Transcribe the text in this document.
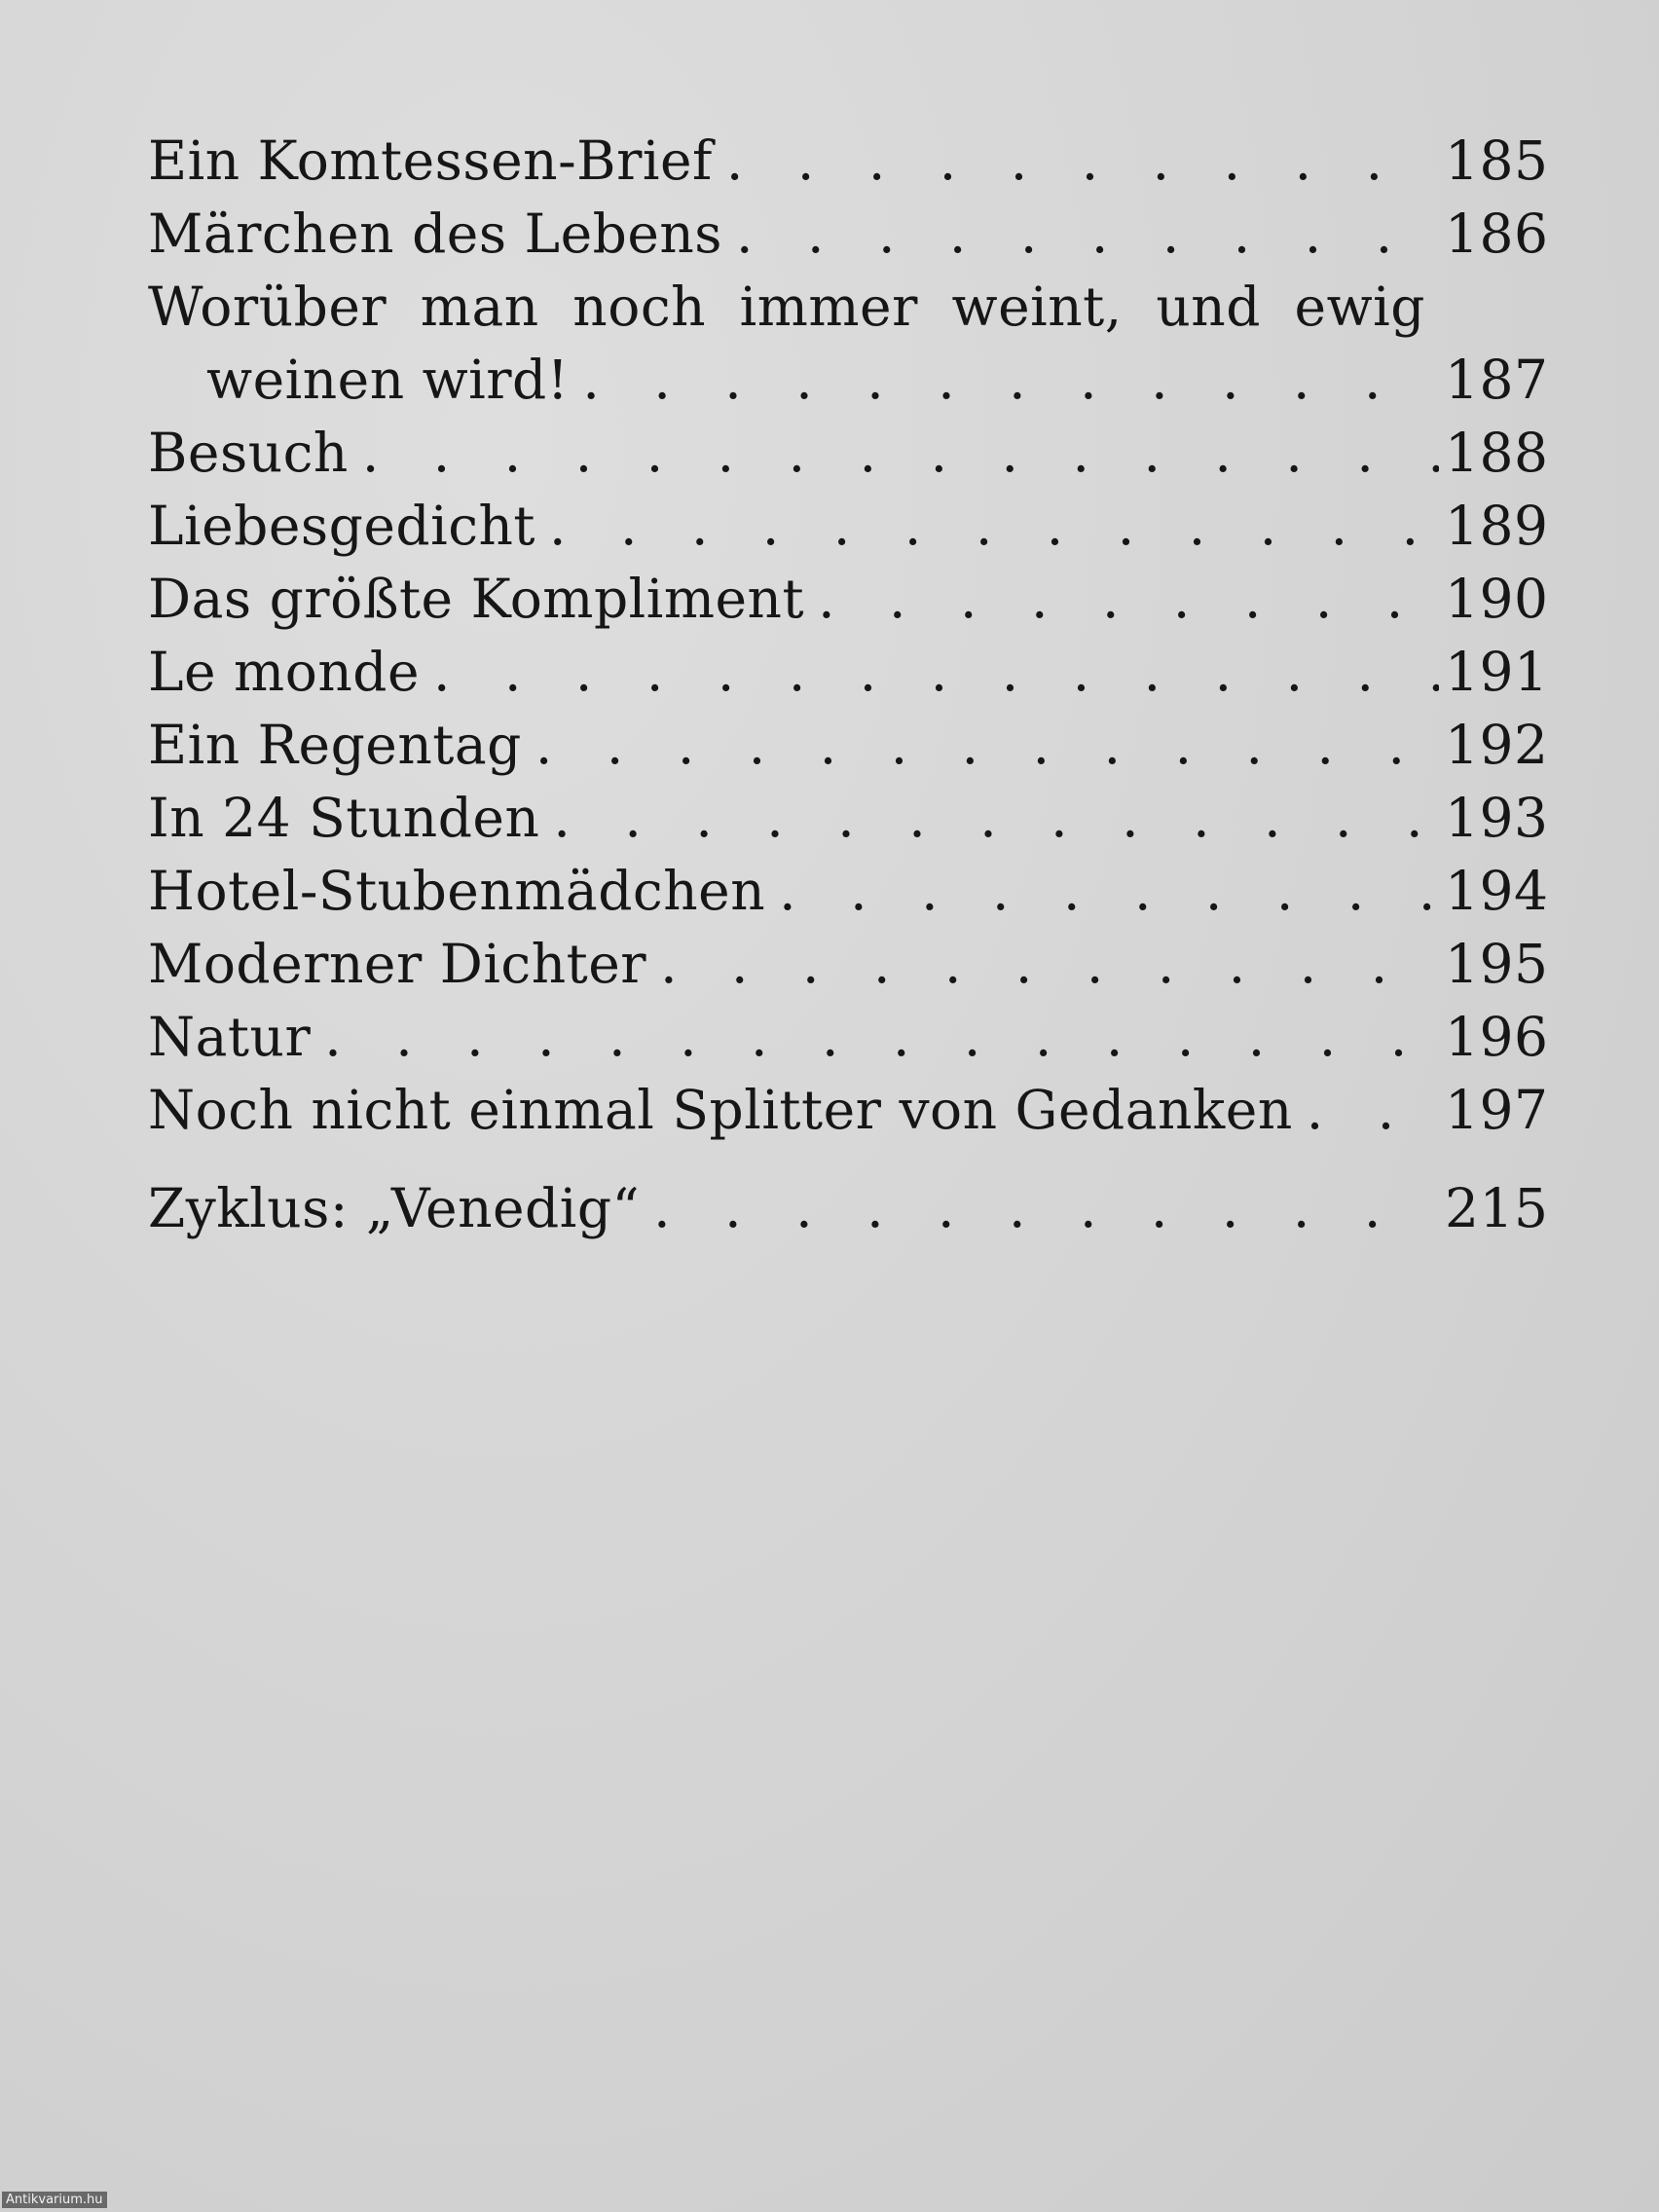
Ein Komtessen-Brief . . .	185
Märchen des Lebens . . .	186
Worüber man noch immer weint, und ewig
weinen wird! . . .	187
Besuch . . .	188
Liebesgedicht . . .	189
Das größte Kompliment . . .	190
Le monde . . .	191
Ein Regentag . . .	192
In 24 Stunden . . .	193
Hotel-Stubenmädchen . . .	194
Moderner Dichter . . .	195
Natur . . .	196
Noch nicht einmal Splitter von Gedanken . . .	197
Zyklus: „Venedig“ . . .	215
Antikvarium.hu
